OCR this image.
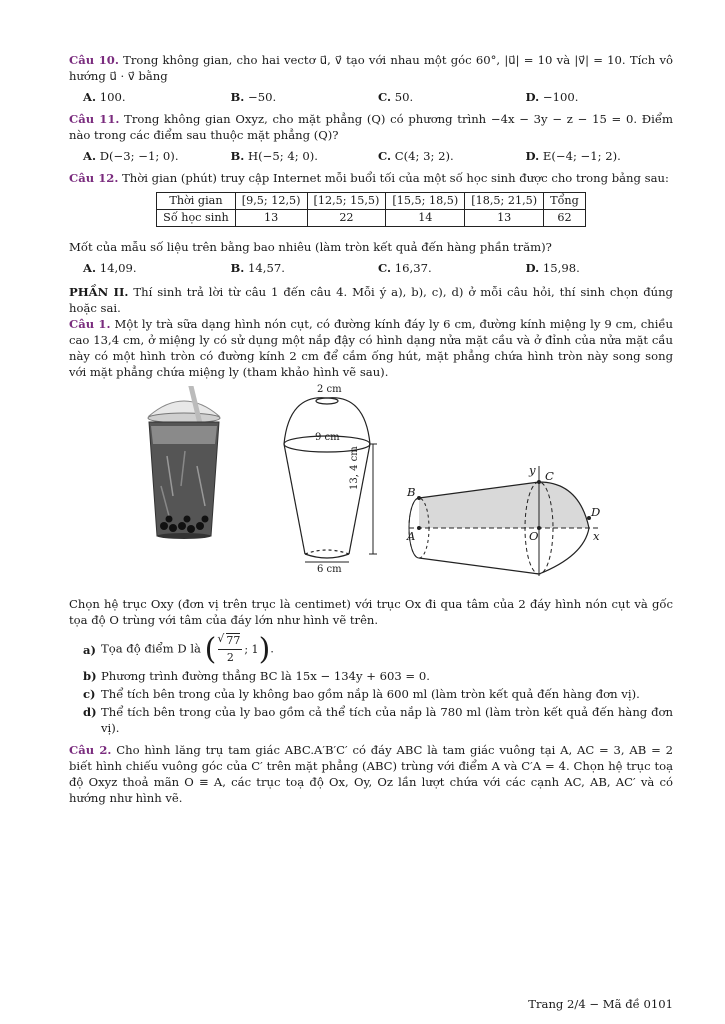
Câu 10. Trong không gian, cho hai vectơ u⃗, v⃗ tạo với nhau một góc 60°, |u⃗| = 10 và |v⃗| = 10. Tích vô hướng u⃗ · v⃗ bằng
A. 100.	B. −50.	C. 50.	D. −100.
Câu 11. Trong không gian Oxyz, cho mặt phẳng (Q) có phương trình −4x − 3y − z − 15 = 0. Điểm nào trong các điểm sau thuộc mặt phẳng (Q)?
A. D(−3; −1; 0).	B. H(−5; 4; 0).	C. C(4; 3; 2).	D. E(−4; −1; 2).
Câu 12. Thời gian (phút) truy cập Internet mỗi buổi tối của một số học sinh được cho trong bảng sau:
Thời gian	[9,5; 12,5)	[12,5; 15,5)	[15,5; 18,5)	[18,5; 21,5)	Tổng
Số học sinh	13	22	14	13	62
Mốt của mẫu số liệu trên bằng bao nhiêu (làm tròn kết quả đến hàng phần trăm)?
A. 14,09.	B. 14,57.	C. 16,37.	D. 15,98.
PHẦN II. Thí sinh trả lời từ câu 1 đến câu 4. Mỗi ý a), b), c), d) ở mỗi câu hỏi, thí sinh chọn đúng hoặc sai.
Câu 1. Một ly trà sữa dạng hình nón cụt, có đường kính đáy ly 6 cm, đường kính miệng ly 9 cm, chiều cao 13,4 cm, ở miệng ly có sử dụng một nắp đậy có hình dạng nửa mặt cầu và ở đỉnh của nửa mặt cầu này có một hình tròn có đường kính 2 cm để cắm ống hút, mặt phẳng chứa hình tròn này song song với mặt phẳng chứa miệng ly (tham khảo hình vẽ sau).
2 cm
9 cm
13, 4 cm
6 cm
B
A
y C
D
O	x
Chọn hệ trục Oxy (đơn vị trên trục là centimet) với trục Ox đi qua tâm của 2 đáy hình nón cụt và gốc tọa độ O trùng với tâm của đáy lớn như hình vẽ trên.
a) Tọa độ điểm D là ( √ 77
2
; 1 ) .
b) Phương trình đường thẳng BC là 15x − 134y + 603 = 0.
c) Thể tích bên trong của ly không bao gồm nắp là 600 ml (làm tròn kết quả đến hàng đơn vị).
d) Thể tích bên trong của ly bao gồm cả thể tích của nắp là 780 ml (làm tròn kết quả đến hàng đơn vị).
Câu 2. Cho hình lăng trụ tam giác ABC.A′B′C′ có đáy ABC là tam giác vuông tại A, AC = 3, AB = 2 biết hình chiếu vuông góc của C′ trên mặt phẳng (ABC) trùng với điểm A và C′A = 4. Chọn hệ trục toạ độ Oxyz thoả mãn O ≡ A, các trục toạ độ Ox, Oy, Oz lần lượt chứa với các cạnh AC, AB, AC′ và có hướng như hình vẽ.
Trang 2/4 − Mã đề 0101
